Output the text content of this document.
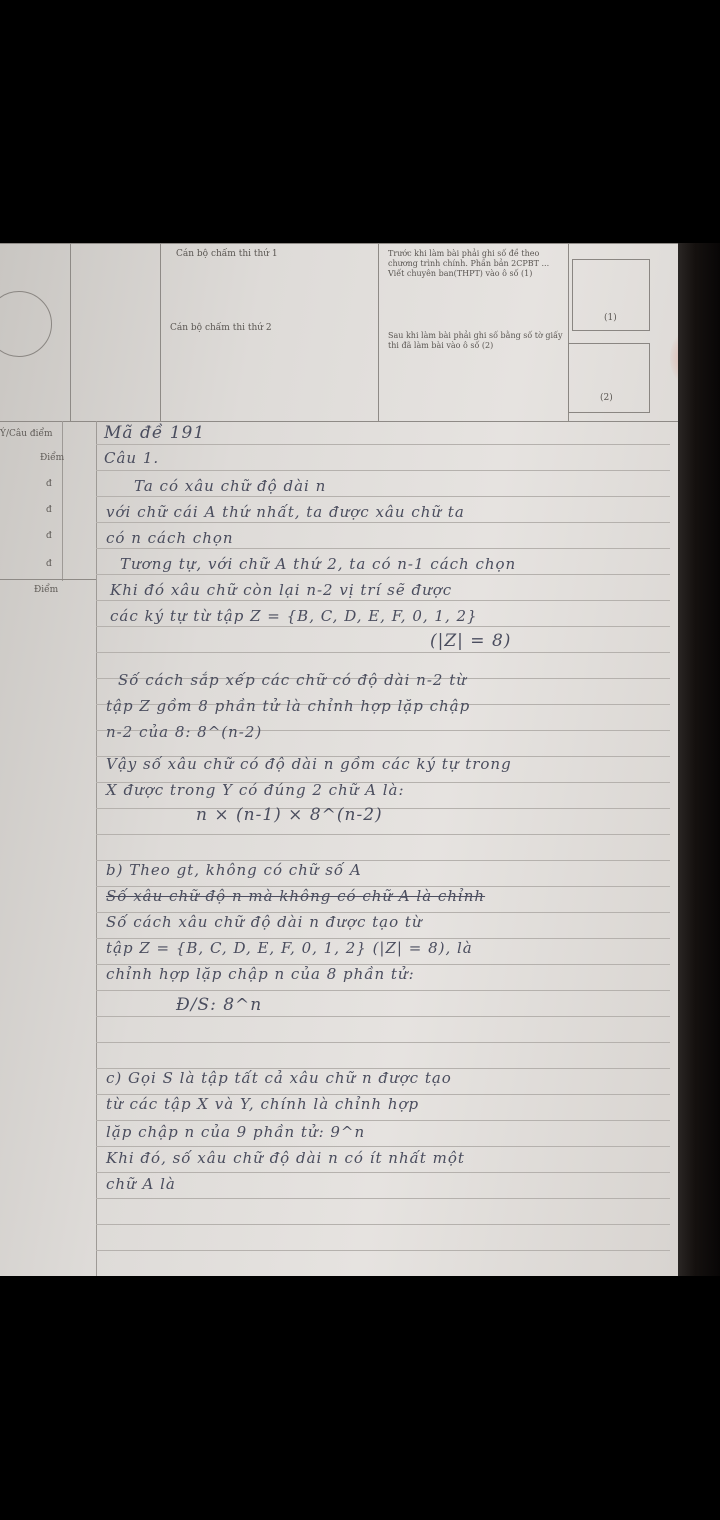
Cán bộ chấm thi thứ 1
Cán bộ chấm thi thứ 2
Trước khi làm bài phải ghi số đề theo chương trình chính. Phần bản 2CPBT ... Viết chuyên ban(THPT) vào ô số (1)
Sau khi làm bài phải ghi số bằng số tờ giấy thi đã làm bài vào ô số (2)
(1)
(2)
Ý/Câu điểm
Điểm
đ
đ
đ
đ
Điểm
Mã đề 191
Câu 1.
Ta có xâu chữ độ dài n
với chữ cái A thứ nhất, ta được xâu chữ ta
có n cách chọn
Tương tự, với chữ A thứ 2, ta có n-1 cách chọn
Khi đó xâu chữ còn lại n-2 vị trí sẽ được
các ký tự từ tập Z = {B, C, D, E, F, 0, 1, 2}
(|Z| = 8)
Số cách sắp xếp các chữ có độ dài n-2 từ
tập Z gồm 8 phần tử là chỉnh hợp lặp chập
n-2 của 8: 8^(n-2)
Vậy số xâu chữ có độ dài n gồm các ký tự trong
X được trong Y có đúng 2 chữ A là:
n × (n-1) × 8^(n-2)
b) Theo gt, không có chữ số A
Số xâu chữ độ n mà không có chữ A là chỉnh
Số cách xâu chữ độ dài n được tạo từ
tập Z = {B, C, D, E, F, 0, 1, 2} (|Z| = 8), là
chỉnh hợp lặp chập n của 8 phần tử:
Đ/S: 8^n
c) Gọi S là tập tất cả xâu chữ n được tạo
từ các tập X và Y, chính là chỉnh hợp
lặp chập n của 9 phần tử: 9^n
Khi đó, số xâu chữ độ dài n có ít nhất một
chữ A là
